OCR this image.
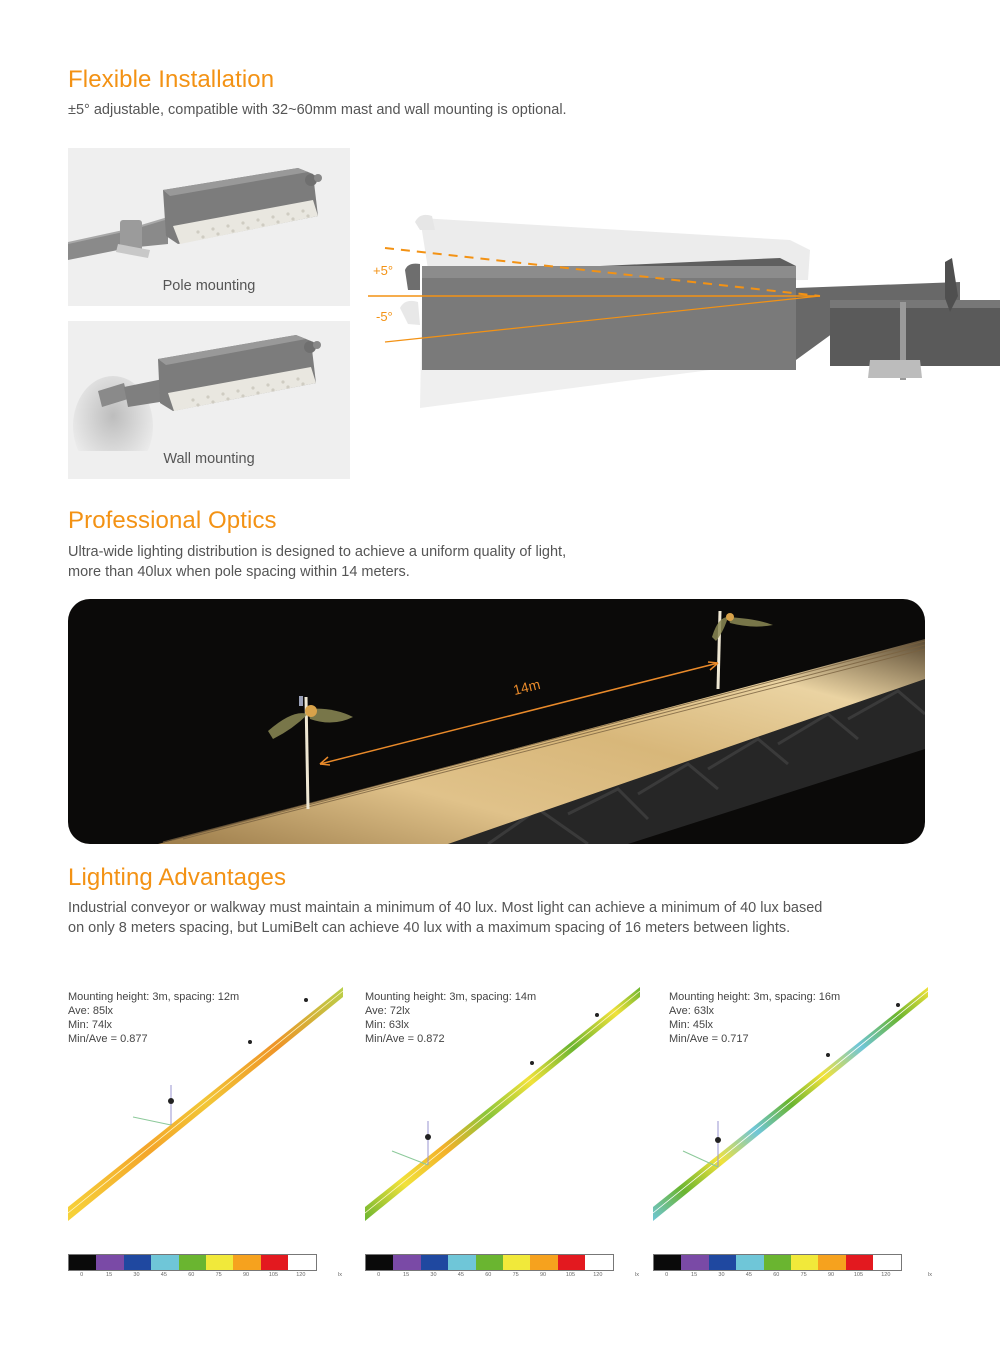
Flexible Installation

±5° adjustable, compatible with 32~60mm mast and wall mounting is optional.

Pole mounting
Wall mounting
+5°
-5°
Professional Optics

Ultra-wide lighting distribution is designed to achieve a uniform quality of light,

more than 40lux when pole spacing within 14 meters.

14m
Lighting Advantages

Industrial conveyor or walkway must maintain a minimum of 40 lux. Most light can achieve a minimum of 40 lux based

on only 8 meters spacing, but LumiBelt can achieve 40 lux with a maximum spacing of 16 meters between lights.

Mounting height: 3m, spacing: 12m
Ave: 85lx
Min: 74lx
Min/Ave = 0.877
0	15	30	45	60	75	90	105	120	lx
Mounting height: 3m, spacing: 14m
Ave: 72lx
Min: 63lx
Min/Ave = 0.872
0	15	30	45	60	75	90	105	120	lx
Mounting height: 3m, spacing: 16m
Ave: 63lx
Min: 45lx
Min/Ave = 0.717
0	15	30	45	60	75	90	105	120	lx
